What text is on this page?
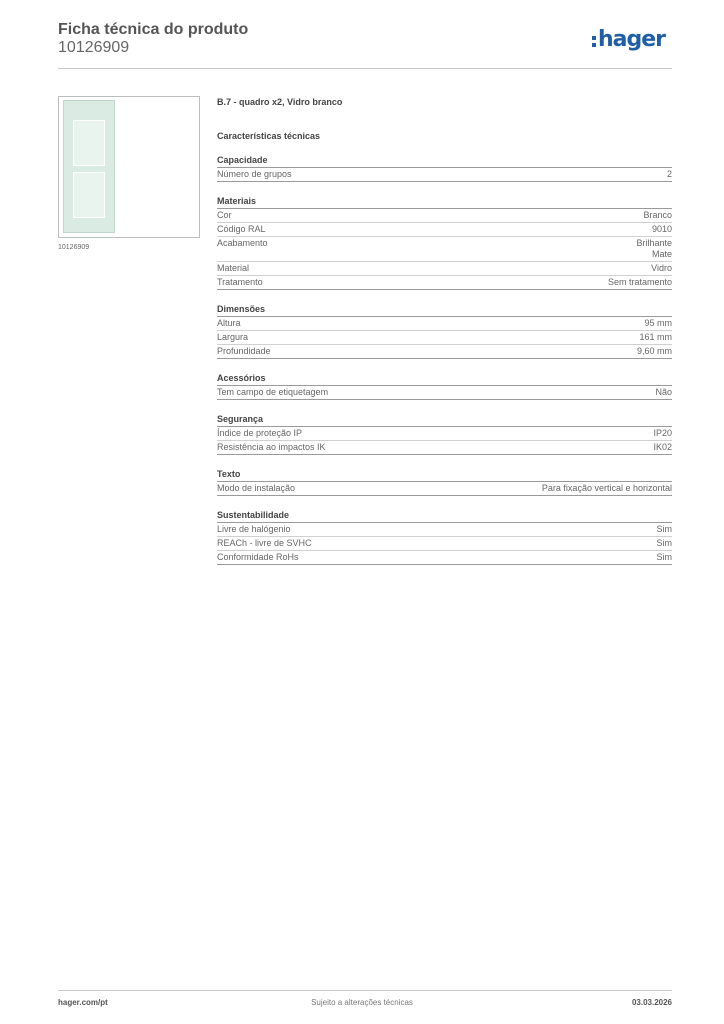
Ficha técnica do produto
10126909	hager
10126909
B.7 - quadro x2, Vidro branco
Características técnicas
Capacidade
Número de grupos	2
Materiais
Cor	Branco
Código RAL	9010
Acabamento	Brilhante
Mate
Material	Vidro
Tratamento	Sem tratamento
Dimensões
Altura	95 mm
Largura	161 mm
Profundidade	9,60 mm
Acessórios
Tem campo de etiquetagem	Não
Segurança
Índice de proteção IP	IP20
Resistência ao impactos IK	IK02
Texto
Modo de instalação	Para fixação vertical e horizontal
Sustentabilidade
Livre de halógenio	Sim
REACh - livre de SVHC	Sim
Conformidade RoHs	Sim
hager.com/pt	Sujeito a alterações técnicas	03.03.2026
